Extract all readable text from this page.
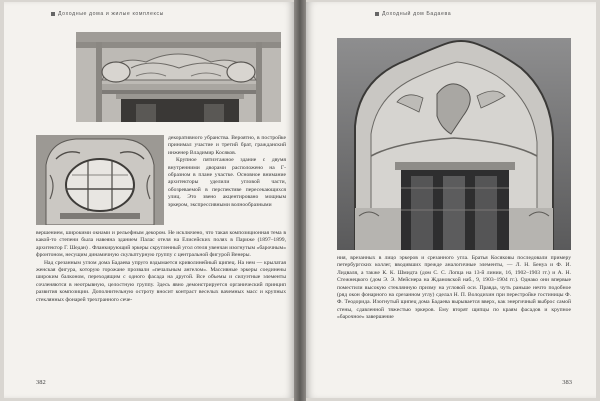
Доходные дома и жилые комплексы

декоративного убранства. Вероятно, в постройке принимал участие и третий брат, гражданский инженер Владимир Косяков.

Крупное пятиэтажное здание с двумя внутренними дворами расположено на Г-образном в плане участке. Основное внимание архитекторы уделили угловой части, обозреваемой в перспективе пересекающихся улиц. Это звено акцентировано мощным эркером, экспрессивными волнообразными

вершением, широкими окнами и рельефным декором. Не исключено, что такая композиционная тема в какой-то степени была навеяна зданием Палас отеля на Елисейских полях в Париже (1897–1899, архитектор Г. Шедан) . Фланкирующий эркеры скругленный угол отеля увенчан изогнутым «барочным» фронтоном, несущим динамичную скульптурную группу с центральной фигурой Венеры.

Над срезанным углом дома Бадаева упруго вздымается криволинейный щипец. На нем — крылатая женская фигура, которую горожане прозвали «печальным ангелом». Массивные эркеры соединены широким балконом, переходящим с одного фасада на другой. Все объемы и силуэтные элементы сочленяются в неотрывную, целостную группу. Здесь явно демонстрируется органический принцип развития композиции. Дополнительную остроту вносит контраст веселых вачемных масс и крупных стеклянных фонарей трехгранного сече-

382
Доходный дом Бадаева

ния, врезанных в лицо эркеров и срезанного угла. Братья Косяковы последовали примеру петербургских коллег, вводивших прежде аналогичные элементы, — Л. Н. Бенуа и Ф. И. Лидваля, а также К. К. Шмидта (дом С. С. Лопца на 13-й линии, 16, 1902–1903 гг.) и А. Н. Стежнецкого (дом Э. Э. Мейснера на Ждановской наб., 9, 1903–1904 гг.). Однако они впервые поместили высокую стеклянную призму на угловой оси. Правда, чуть раньше нечто подобное (ряд окон фонарного на срезанном углу) сделал Н. П. Володихин при перестройке гостиницы Ф. Ф. Теодорида. Изогнутый щипец дома Бадаева вырывается вверх, как энергичный выброс самой стены, сдавленной тяжестью эркеров. Ему вторят щипцы по краям фасадов и крупное «барочное» завершение

383
